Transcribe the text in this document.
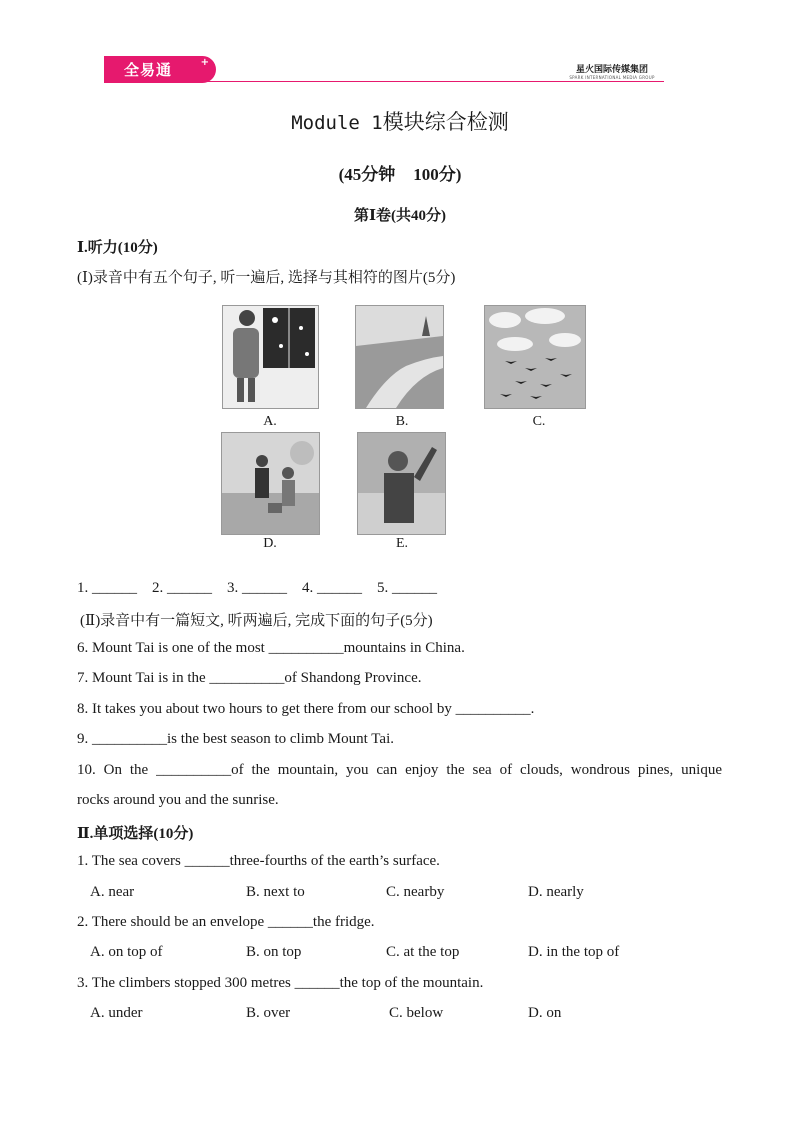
全易通	+
星火国际传媒集团
SPARK INTERNATIONAL MEDIA GROUP
Module 1模块综合检测
(45分钟 100分)
第Ⅰ卷(共40分)
Ⅰ.听力(10分)
(Ⅰ)录音中有五个句子, 听一遍后, 选择与其相符的图片(5分)
A.	B.	C.
D.	E.
1. ______    2. ______    3. ______    4. ______    5. ______
(Ⅱ)录音中有一篇短文, 听两遍后, 完成下面的句子(5分)
6. Mount Tai is one of the most __________mountains in China.
7. Mount Tai is in the __________of Shandong Province.
8. It takes you about two hours to get there from our school by __________.
9. __________is the best season to climb Mount Tai.
10. On the __________of the mountain, you can enjoy the sea of clouds, wondrous pines, unique
rocks around you and the sunrise.
Ⅱ.单项选择(10分)
1. The sea covers ______three-fourths of the earth’s surface.
A. near	B. next to	C. nearby	D. nearly
2. There should be an envelope ______the fridge.
A. on top of	B. on top	C. at the top	D. in the top of
3. The climbers stopped 300 metres ______the top of the mountain.
A. under	B. over	C. below	D. on
